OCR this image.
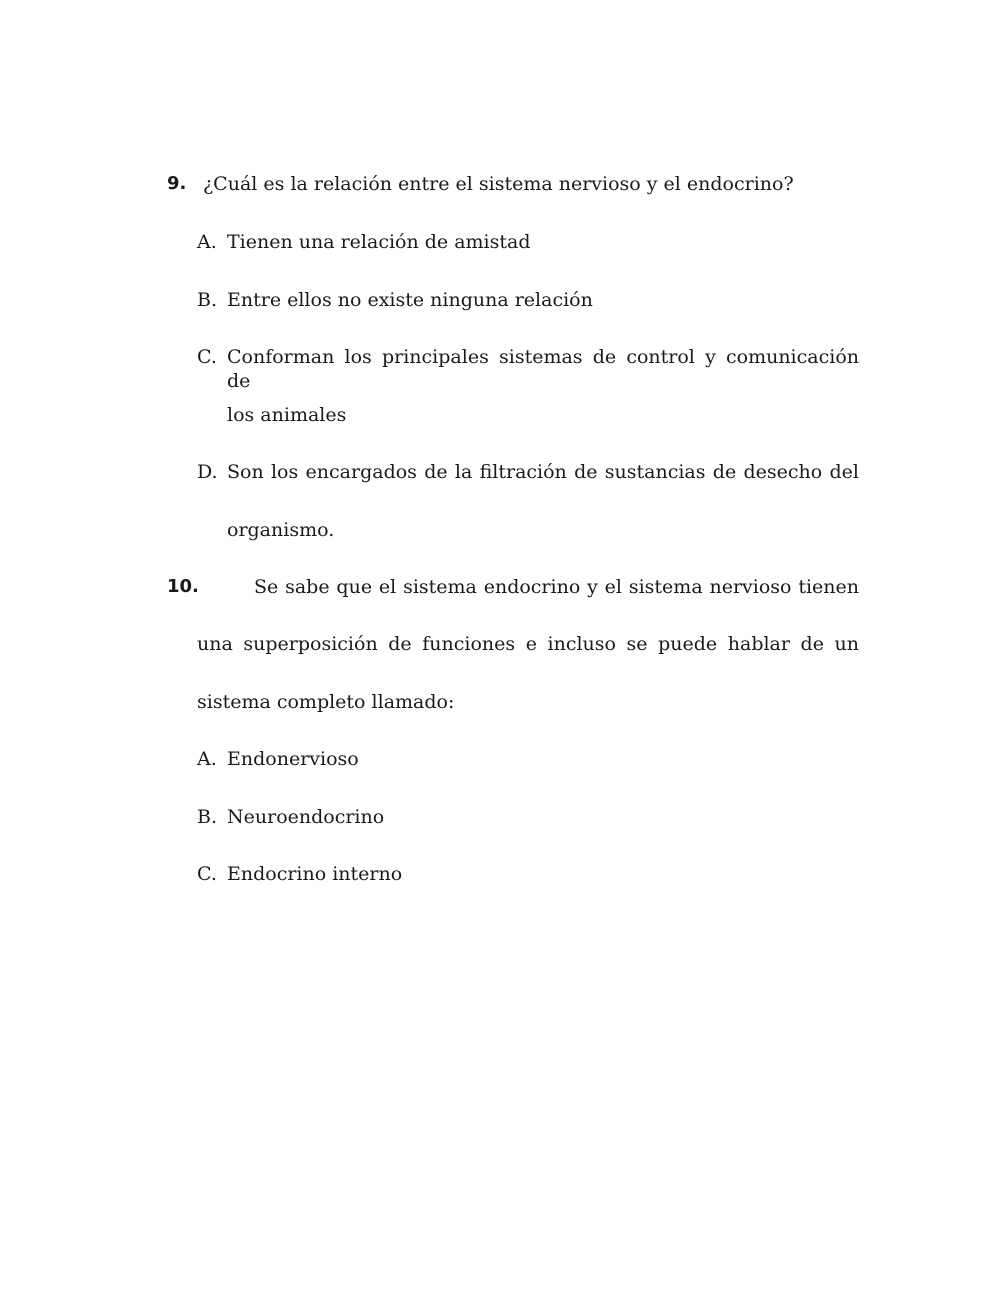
9. ¿Cuál es la relación entre el sistema nervioso y el endocrino?
A. Tienen una relación de amistad
B. Entre ellos no existe ninguna relación
C. Conforman los principales sistemas de control y comunicación de
los animales
D. Son los encargados de la filtración de sustancias de desecho del
organismo.
10.	Se sabe que el sistema endocrino y el sistema nervioso tienen
una superposición de funciones e incluso se puede hablar de un
sistema completo llamado:
A. Endonervioso
B. Neuroendocrino
C. Endocrino interno
